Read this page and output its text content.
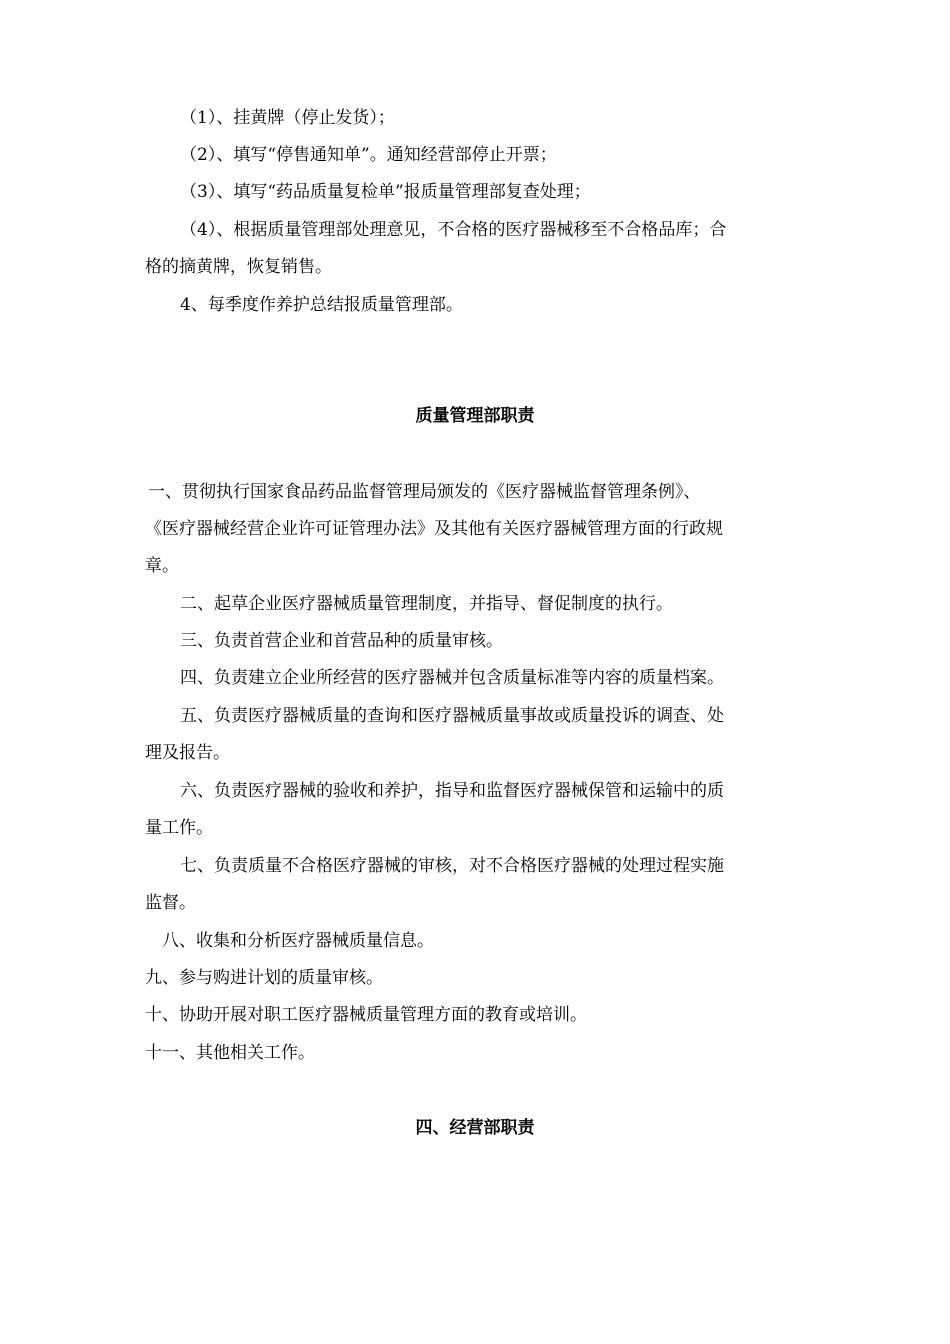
（1）、挂黄牌（停止发货）；
（2）、填写“停售通知单”。通知经营部停止开票；
（3）、填写“药品质量复检单”报质量管理部复查处理；
（4）、根据质量管理部处理意见，不合格的医疗器械移至不合格品库；合
格的摘黄牌，恢复销售。
4、每季度作养护总结报质量管理部。
质量管理部职责
一、贯彻执行国家食品药品监督管理局颁发的《医疗器械监督管理条例》、
《医疗器械经营企业许可证管理办法》及其他有关医疗器械管理方面的行政规
章。
二、起草企业医疗器械质量管理制度，并指导、督促制度的执行。
三、负责首营企业和首营品种的质量审核。
四、负责建立企业所经营的医疗器械并包含质量标准等内容的质量档案。
五、负责医疗器械质量的查询和医疗器械质量事故或质量投诉的调查、处
理及报告。
六、负责医疗器械的验收和养护，指导和监督医疗器械保管和运输中的质
量工作。
七、负责质量不合格医疗器械的审核，对不合格医疗器械的处理过程实施
监督。
八、收集和分析医疗器械质量信息。
九、参与购进计划的质量审核。
十、协助开展对职工医疗器械质量管理方面的教育或培训。
十一、其他相关工作。
四、经营部职责
